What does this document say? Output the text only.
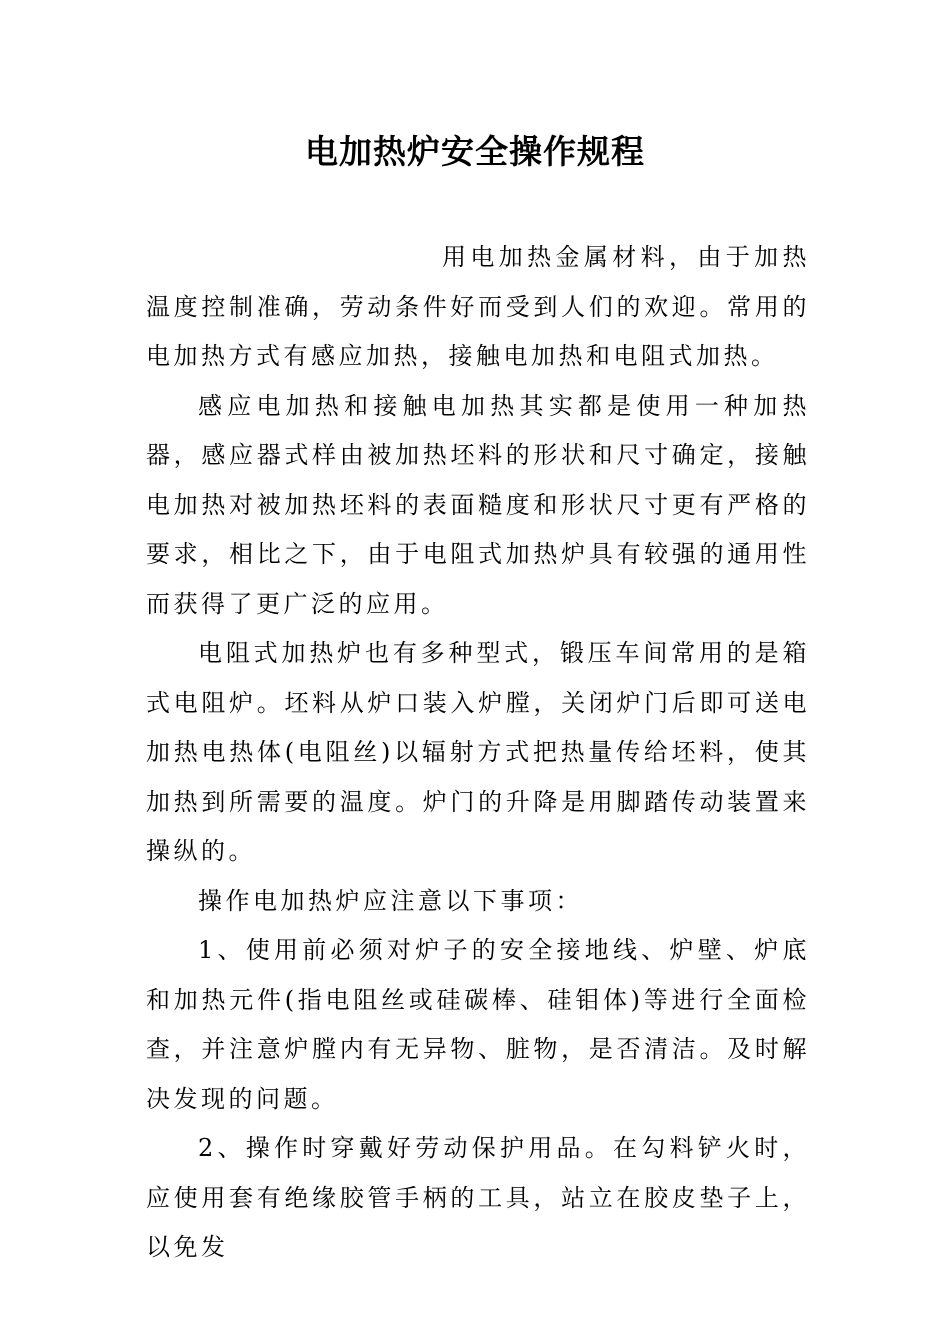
电加热炉安全操作规程

用电加热金属材料，由于加热温度控制准确，劳动条件好而受到人们的欢迎。常用的电加热方式有感应加热，接触电加热和电阻式加热。

感应电加热和接触电加热其实都是使用一种加热器，感应器式样由被加热坯料的形状和尺寸确定，接触电加热对被加热坯料的表面糙度和形状尺寸更有严格的要求，相比之下，由于电阻式加热炉具有较强的通用性而获得了更广泛的应用。

电阻式加热炉也有多种型式，锻压车间常用的是箱式电阻炉。坯料从炉口装入炉膛，关闭炉门后即可送电加热电热体(电阻丝)以辐射方式把热量传给坯料，使其加热到所需要的温度。炉门的升降是用脚踏传动装置来操纵的。

操作电加热炉应注意以下事项：

1、使用前必须对炉子的安全接地线、炉壁、炉底和加热元件(指电阻丝或硅碳棒、硅钼体)等进行全面检查，并注意炉膛内有无异物、脏物，是否清洁。及时解决发现的问题。

2、操作时穿戴好劳动保护用品。在勾料铲火时，应使用套有绝缘胶管手柄的工具，站立在胶皮垫子上，以免发
